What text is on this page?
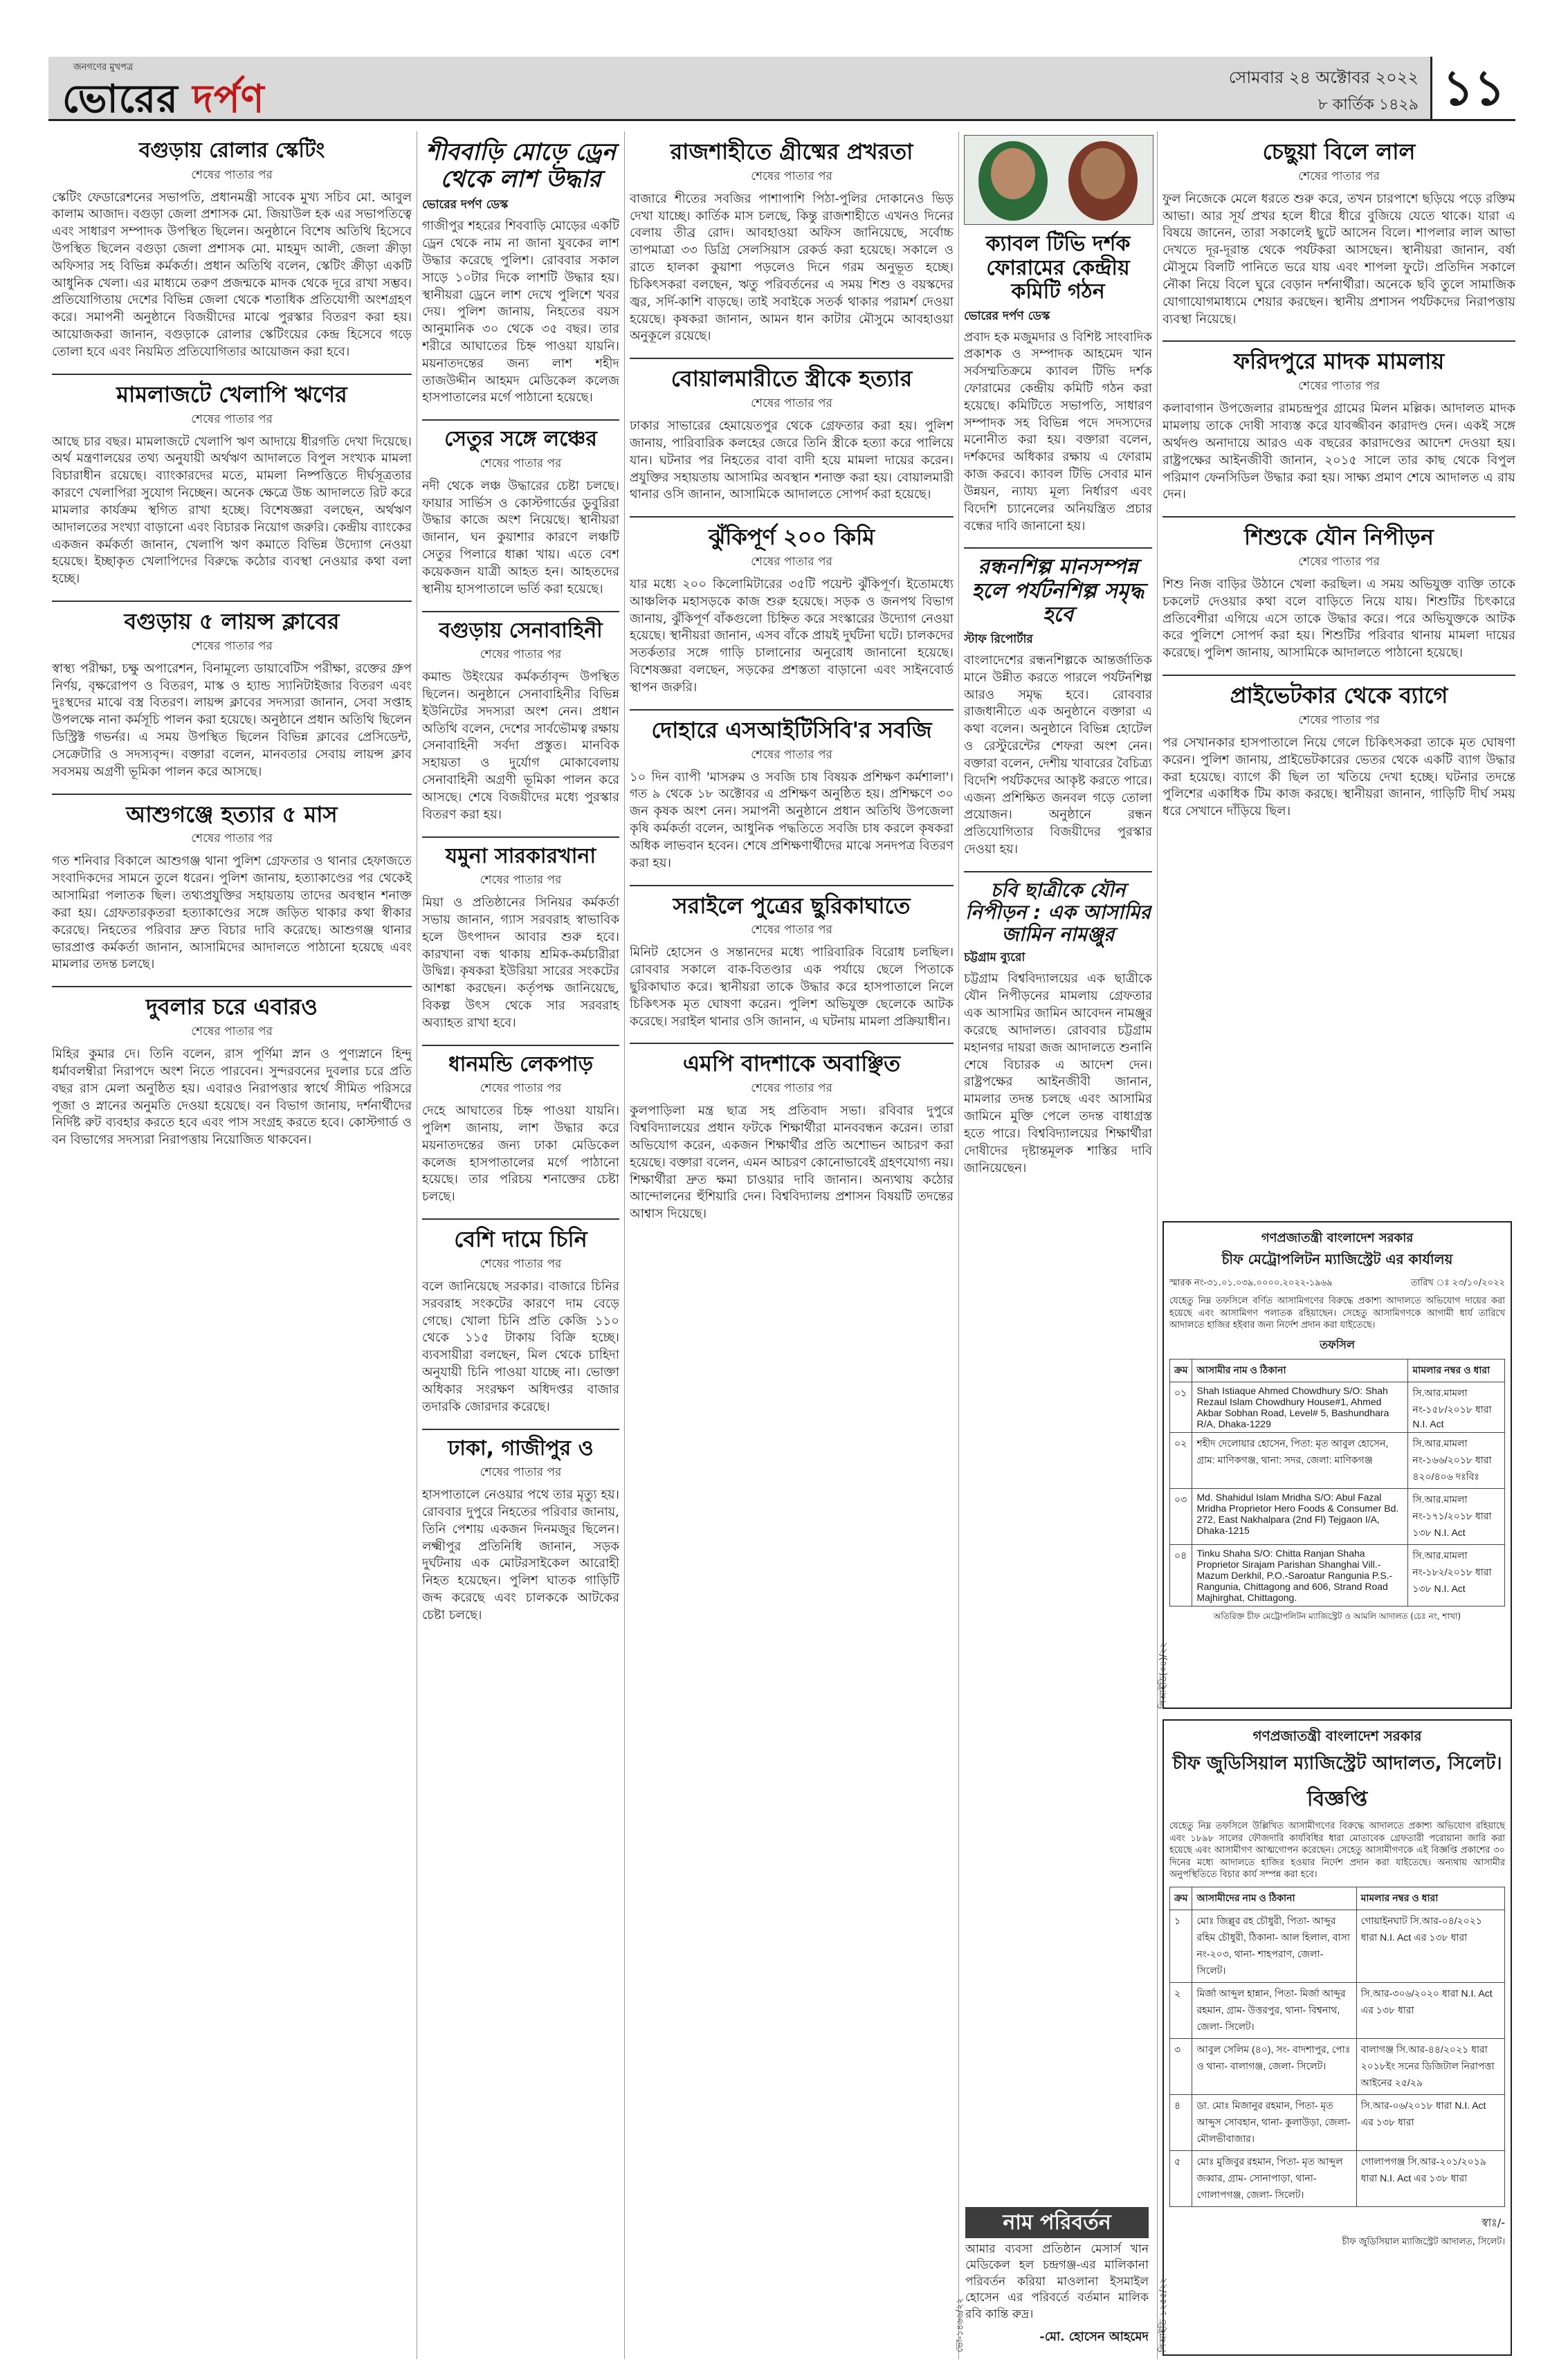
জনগণের মুখপত্র
ভোরের দর্পণ	সোমবার ২৪ অক্টোবর ২০২২
৮ কার্তিক ১৪২৯ ১১
বগুড়ায় রোলার স্কেটিং
শেষের পাতার পর
স্কেটিং ফেডারেশনের সভাপতি, প্রধানমন্ত্রী সাবেক মুখ্য সচিব মো. আবুল কালাম আজাদ। বগুড়া জেলা প্রশাসক মো. জিয়াউল হক এর সভাপতিত্বে এবং সাধারণ সম্পাদক উপস্থিত ছিলেন। অনুষ্ঠানে বিশেষ অতিথি হিসেবে উপস্থিত ছিলেন বগুড়া জেলা প্রশাসক মো. মাহমুদ আলী, জেলা ক্রীড়া অফিসার সহ বিভিন্ন কর্মকর্তা। প্রধান অতিথি বলেন, স্কেটিং ক্রীড়া একটি আধুনিক খেলা। এর মাধ্যমে তরুণ প্রজন্মকে মাদক থেকে দূরে রাখা সম্ভব। প্রতিযোগিতায় দেশের বিভিন্ন জেলা থেকে শতাধিক প্রতিযোগী অংশগ্রহণ করে। সমাপনী অনুষ্ঠানে বিজয়ীদের মাঝে পুরস্কার বিতরণ করা হয়। আয়োজকরা জানান, বগুড়াকে রোলার স্কেটিংয়ের কেন্দ্র হিসেবে গড়ে তোলা হবে এবং নিয়মিত প্রতিযোগিতার আয়োজন করা হবে।
মামলাজটে খেলাপি ঋণের
শেষের পাতার পর
আছে চার বছর। মামলাজটে খেলাপি ঋণ আদায়ে ধীরগতি দেখা দিয়েছে। অর্থ মন্ত্রণালয়ের তথ্য অনুযায়ী অর্থঋণ আদালতে বিপুল সংখ্যক মামলা বিচারাধীন রয়েছে। ব্যাংকারদের মতে, মামলা নিষ্পত্তিতে দীর্ঘসূত্রতার কারণে খেলাপিরা সুযোগ নিচ্ছেন। অনেক ক্ষেত্রে উচ্চ আদালতে রিট করে মামলার কার্যক্রম স্থগিত রাখা হচ্ছে। বিশেষজ্ঞরা বলছেন, অর্থঋণ আদালতের সংখ্যা বাড়ানো এবং বিচারক নিয়োগ জরুরি। কেন্দ্রীয় ব্যাংকের একজন কর্মকর্তা জানান, খেলাপি ঋণ কমাতে বিভিন্ন উদ্যোগ নেওয়া হয়েছে। ইচ্ছাকৃত খেলাপিদের বিরুদ্ধে কঠোর ব্যবস্থা নেওয়ার কথা বলা হচ্ছে।
বগুড়ায় ৫ লায়ন্স ক্লাবের
শেষের পাতার পর
স্বাস্থ্য পরীক্ষা, চক্ষু অপারেশন, বিনামূল্যে ডায়াবেটিস পরীক্ষা, রক্তের গ্রুপ নির্ণয়, বৃক্ষরোপণ ও বিতরণ, মাস্ক ও হ্যান্ড স্যানিটাইজার বিতরণ এবং দুঃস্থদের মাঝে বস্ত্র বিতরণ। লায়ন্স ক্লাবের সদস্যরা জানান, সেবা সপ্তাহ উপলক্ষে নানা কর্মসূচি পালন করা হয়েছে। অনুষ্ঠানে প্রধান অতিথি ছিলেন ডিস্ট্রিক্ট গভর্নর। এ সময় উপস্থিত ছিলেন বিভিন্ন ক্লাবের প্রেসিডেন্ট, সেক্রেটারি ও সদস্যবৃন্দ। বক্তারা বলেন, মানবতার সেবায় লায়ন্স ক্লাব সবসময় অগ্রণী ভূমিকা পালন করে আসছে।
আশুগঞ্জে হত্যার ৫ মাস
শেষের পাতার পর
গত শনিবার বিকালে আশুগঞ্জ থানা পুলিশ গ্রেফতার ও থানার হেফাজতে সংবাদিকদের সামনে তুলে ধরেন। পুলিশ জানায়, হত্যাকাণ্ডের পর থেকেই আসামিরা পলাতক ছিল। তথ্যপ্রযুক্তির সহায়তায় তাদের অবস্থান শনাক্ত করা হয়। গ্রেফতারকৃতরা হত্যাকাণ্ডের সঙ্গে জড়িত থাকার কথা স্বীকার করেছে। নিহতের পরিবার দ্রুত বিচার দাবি করেছে। আশুগঞ্জ থানার ভারপ্রাপ্ত কর্মকর্তা জানান, আসামিদের আদালতে পাঠানো হয়েছে এবং মামলার তদন্ত চলছে।
দুবলার চরে এবারও
শেষের পাতার পর
মিহির কুমার দে। তিনি বলেন, রাস পূর্ণিমা স্নান ও পুণ্যস্নানে হিন্দু ধর্মাবলম্বীরা নিরাপদে অংশ নিতে পারবেন। সুন্দরবনের দুবলার চরে প্রতি বছর রাস মেলা অনুষ্ঠিত হয়। এবারও নিরাপত্তার স্বার্থে সীমিত পরিসরে পূজা ও স্নানের অনুমতি দেওয়া হয়েছে। বন বিভাগ জানায়, দর্শনার্থীদের নির্দিষ্ট রুট ব্যবহার করতে হবে এবং পাস সংগ্রহ করতে হবে। কোস্টগার্ড ও বন বিভাগের সদস্যরা নিরাপত্তায় নিয়োজিত থাকবেন।
শীববাড়ি মোড়ে ড্রেন থেকে লাশ উদ্ধার
ভোরের দর্পণ ডেস্ক
গাজীপুর শহরের শিববাড়ি মোড়ের একটি ড্রেন থেকে নাম না জানা যুবকের লাশ উদ্ধার করেছে পুলিশ। রোববার সকাল সাড়ে ১০টার দিকে লাশটি উদ্ধার হয়। স্থানীয়রা ড্রেনে লাশ দেখে পুলিশে খবর দেয়। পুলিশ জানায়, নিহতের বয়স আনুমানিক ৩০ থেকে ৩৫ বছর। তার শরীরে আঘাতের চিহ্ন পাওয়া যায়নি। ময়নাতদন্তের জন্য লাশ শহীদ তাজউদ্দীন আহমদ মেডিকেল কলেজ হাসপাতালের মর্গে পাঠানো হয়েছে।
সেতুর সঙ্গে লঞ্চের
শেষের পাতার পর
নদী থেকে লঞ্চ উদ্ধারের চেষ্টা চলছে। ফায়ার সার্ভিস ও কোস্টগার্ডের ডুবুরিরা উদ্ধার কাজে অংশ নিয়েছে। স্থানীয়রা জানান, ঘন কুয়াশার কারণে লঞ্চটি সেতুর পিলারে ধাক্কা খায়। এতে বেশ কয়েকজন যাত্রী আহত হন। আহতদের স্থানীয় হাসপাতালে ভর্তি করা হয়েছে।
বগুড়ায় সেনাবাহিনী
শেষের পাতার পর
কমান্ড উইংয়ের কর্মকর্তাবৃন্দ উপস্থিত ছিলেন। অনুষ্ঠানে সেনাবাহিনীর বিভিন্ন ইউনিটের সদস্যরা অংশ নেন। প্রধান অতিথি বলেন, দেশের সার্বভৌমত্ব রক্ষায় সেনাবাহিনী সর্বদা প্রস্তুত। মানবিক সহায়তা ও দুর্যোগ মোকাবেলায় সেনাবাহিনী অগ্রণী ভূমিকা পালন করে আসছে। শেষে বিজয়ীদের মধ্যে পুরস্কার বিতরণ করা হয়।
যমুনা সারকারখানা
শেষের পাতার পর
মিয়া ও প্রতিষ্ঠানের সিনিয়র কর্মকর্তা সভায় জানান, গ্যাস সরবরাহ স্বাভাবিক হলে উৎপাদন আবার শুরু হবে। কারখানা বন্ধ থাকায় শ্রমিক-কর্মচারীরা উদ্বিগ্ন। কৃষকরা ইউরিয়া সারের সংকটের আশঙ্কা করছেন। কর্তৃপক্ষ জানিয়েছে, বিকল্প উৎস থেকে সার সরবরাহ অব্যাহত রাখা হবে।
ধানমন্ডি লেকপাড়
শেষের পাতার পর
দেহে আঘাতের চিহ্ন পাওয়া যায়নি। পুলিশ জানায়, লাশ উদ্ধার করে ময়নাতদন্তের জন্য ঢাকা মেডিকেল কলেজ হাসপাতালের মর্গে পাঠানো হয়েছে। তার পরিচয় শনাক্তের চেষ্টা চলছে।
বেশি দামে চিনি
শেষের পাতার পর
বলে জানিয়েছে সরকার। বাজারে চিনির সরবরাহ সংকটের কারণে দাম বেড়ে গেছে। খোলা চিনি প্রতি কেজি ১১০ থেকে ১১৫ টাকায় বিক্রি হচ্ছে। ব্যবসায়ীরা বলছেন, মিল থেকে চাহিদা অনুযায়ী চিনি পাওয়া যাচ্ছে না। ভোক্তা অধিকার সংরক্ষণ অধিদপ্তর বাজার তদারকি জোরদার করেছে।
ঢাকা, গাজীপুর ও
শেষের পাতার পর
হাসপাতালে নেওয়ার পথে তার মৃত্যু হয়। রোববার দুপুরে নিহতের পরিবার জানায়, তিনি পেশায় একজন দিনমজুর ছিলেন। লক্ষ্মীপুর প্রতিনিধি জানান, সড়ক দুর্ঘটনায় এক মোটরসাইকেল আরোহী নিহত হয়েছেন। পুলিশ ঘাতক গাড়িটি জব্দ করেছে এবং চালককে আটকের চেষ্টা চলছে।
রাজশাহীতে গ্রীষ্মের প্রখরতা
শেষের পাতার পর
বাজারে শীতের সবজির পাশাপাশি পিঠা-পুলির দোকানেও ভিড় দেখা যাচ্ছে। কার্তিক মাস চলছে, কিন্তু রাজশাহীতে এখনও দিনের বেলায় তীব্র রোদ। আবহাওয়া অফিস জানিয়েছে, সর্বোচ্চ তাপমাত্রা ৩৩ ডিগ্রি সেলসিয়াস রেকর্ড করা হয়েছে। সকালে ও রাতে হালকা কুয়াশা পড়লেও দিনে গরম অনুভূত হচ্ছে। চিকিৎসকরা বলছেন, ঋতু পরিবর্তনের এ সময় শিশু ও বয়স্কদের জ্বর, সর্দি-কাশি বাড়ছে। তাই সবাইকে সতর্ক থাকার পরামর্শ দেওয়া হয়েছে। কৃষকরা জানান, আমন ধান কাটার মৌসুমে আবহাওয়া অনুকূলে রয়েছে।
বোয়ালমারীতে স্ত্রীকে হত্যার
শেষের পাতার পর
ঢাকার সাভারের হেমায়েতপুর থেকে গ্রেফতার করা হয়। পুলিশ জানায়, পারিবারিক কলহের জেরে তিনি স্ত্রীকে হত্যা করে পালিয়ে যান। ঘটনার পর নিহতের বাবা বাদী হয়ে মামলা দায়ের করেন। প্রযুক্তির সহায়তায় আসামির অবস্থান শনাক্ত করা হয়। বোয়ালমারী থানার ওসি জানান, আসামিকে আদালতে সোপর্দ করা হয়েছে।
ঝুঁকিপূর্ণ ২০০ কিমি
শেষের পাতার পর
যার মধ্যে ২০০ কিলোমিটারের ৩৫টি পয়েন্ট ঝুঁকিপূর্ণ। ইতোমধ্যে আঞ্চলিক মহাসড়কে কাজ শুরু হয়েছে। সড়ক ও জনপথ বিভাগ জানায়, ঝুঁকিপূর্ণ বাঁকগুলো চিহ্নিত করে সংস্কারের উদ্যোগ নেওয়া হয়েছে। স্থানীয়রা জানান, এসব বাঁকে প্রায়ই দুর্ঘটনা ঘটে। চালকদের সতর্কতার সঙ্গে গাড়ি চালানোর অনুরোধ জানানো হয়েছে। বিশেষজ্ঞরা বলছেন, সড়কের প্রশস্ততা বাড়ানো এবং সাইনবোর্ড স্থাপন জরুরি।
দোহারে এসআইটিসিবি'র সবজি
শেষের পাতার পর
১০ দিন ব্যাপী 'মাসরুম ও সবজি চাষ বিষয়ক প্রশিক্ষণ কর্মশালা'। গত ৯ থেকে ১৮ অক্টোবর এ প্রশিক্ষণ অনুষ্ঠিত হয়। প্রশিক্ষণে ৩০ জন কৃষক অংশ নেন। সমাপনী অনুষ্ঠানে প্রধান অতিথি উপজেলা কৃষি কর্মকর্তা বলেন, আধুনিক পদ্ধতিতে সবজি চাষ করলে কৃষকরা অধিক লাভবান হবেন। শেষে প্রশিক্ষণার্থীদের মাঝে সনদপত্র বিতরণ করা হয়।
সরাইলে পুত্রের ছুরিকাঘাতে
শেষের পাতার পর
মিনিট হোসেন ও সন্তানদের মধ্যে পারিবারিক বিরোধ চলছিল। রোববার সকালে বাক-বিতণ্ডার এক পর্যায়ে ছেলে পিতাকে ছুরিকাঘাত করে। স্থানীয়রা তাকে উদ্ধার করে হাসপাতালে নিলে চিকিৎসক মৃত ঘোষণা করেন। পুলিশ অভিযুক্ত ছেলেকে আটক করেছে। সরাইল থানার ওসি জানান, এ ঘটনায় মামলা প্রক্রিয়াধীন।
এমপি বাদশাকে অবাঞ্ছিত
শেষের পাতার পর
কুলপাড়িলা মন্ত্র ছাত্র সহ প্রতিবাদ সভা। রবিবার দুপুরে বিশ্ববিদ্যালয়ের প্রধান ফটকে শিক্ষার্থীরা মানববন্ধন করেন। তারা অভিযোগ করেন, একজন শিক্ষার্থীর প্রতি অশোভন আচরণ করা হয়েছে। বক্তারা বলেন, এমন আচরণ কোনোভাবেই গ্রহণযোগ্য নয়। শিক্ষার্থীরা দ্রুত ক্ষমা চাওয়ার দাবি জানান। অন্যথায় কঠোর আন্দোলনের হুঁশিয়ারি দেন। বিশ্ববিদ্যালয় প্রশাসন বিষয়টি তদন্তের আশ্বাস দিয়েছে।
ক্যাবল টিভি দর্শক ফোরামের কেন্দ্রীয় কমিটি গঠন
ভোরের দর্পণ ডেস্ক
প্রবাদ হক মজুমদার ও বিশিষ্ট সাংবাদিক প্রকাশক ও সম্পাদক আহমেদ খান সর্বসম্মতিক্রমে ক্যাবল টিভি দর্শক ফোরামের কেন্দ্রীয় কমিটি গঠন করা হয়েছে। কমিটিতে সভাপতি, সাধারণ সম্পাদক সহ বিভিন্ন পদে সদস্যদের মনোনীত করা হয়। বক্তারা বলেন, দর্শকদের অধিকার রক্ষায় এ ফোরাম কাজ করবে। ক্যাবল টিভি সেবার মান উন্নয়ন, ন্যায্য মূল্য নির্ধারণ এবং বিদেশি চ্যানেলের অনিয়ন্ত্রিত প্রচার বন্ধের দাবি জানানো হয়।
রন্ধনশিল্প মানসম্পন্ন হলে পর্যটনশিল্প সমৃদ্ধ হবে
স্টাফ রিপোর্টার
বাংলাদেশের রন্ধনশিল্পকে আন্তর্জাতিক মানে উন্নীত করতে পারলে পর্যটনশিল্প আরও সমৃদ্ধ হবে। রোববার রাজধানীতে এক অনুষ্ঠানে বক্তারা এ কথা বলেন। অনুষ্ঠানে বিভিন্ন হোটেল ও রেস্টুরেন্টের শেফরা অংশ নেন। বক্তারা বলেন, দেশীয় খাবারের বৈচিত্র্য বিদেশি পর্যটকদের আকৃষ্ট করতে পারে। এজন্য প্রশিক্ষিত জনবল গড়ে তোলা প্রয়োজন। অনুষ্ঠানে রন্ধন প্রতিযোগিতার বিজয়ীদের পুরস্কার দেওয়া হয়।
চবি ছাত্রীকে যৌন নিপীড়ন : এক আসামির জামিন নামঞ্জুর
চট্টগ্রাম ব্যুরো
চট্টগ্রাম বিশ্ববিদ্যালয়ের এক ছাত্রীকে যৌন নিপীড়নের মামলায় গ্রেফতার এক আসামির জামিন আবেদন নামঞ্জুর করেছে আদালত। রোববার চট্টগ্রাম মহানগর দায়রা জজ আদালতে শুনানি শেষে বিচারক এ আদেশ দেন। রাষ্ট্রপক্ষের আইনজীবী জানান, মামলার তদন্ত চলছে এবং আসামির জামিনে মুক্তি পেলে তদন্ত বাধাগ্রস্ত হতে পারে। বিশ্ববিদ্যালয়ের শিক্ষার্থীরা দোষীদের দৃষ্টান্তমূলক শাস্তির দাবি জানিয়েছেন।
নাম পরিবর্তন
আমার ব্যবসা প্রতিষ্ঠান মেসার্স খান মেডিকেল হল চন্দ্রগঞ্জ-এর মালিকানা পরিবর্তন করিয়া মাওলানা ইসমাইল হোসেন এর পরিবর্তে বর্তমান মালিক রবি কান্তি রুদ্র।
-মো. হোসেন আহমেদ
চেছুয়া বিলে লাল
শেষের পাতার পর
ফুল নিজেকে মেলে ধরতে শুরু করে, তখন চারপাশে ছড়িয়ে পড়ে রক্তিম আভা। আর সূর্য প্রখর হলে ধীরে ধীরে বুজিয়ে যেতে থাকে। যারা এ বিষয়ে জানেন, তারা সকালেই ছুটে আসেন বিলে। শাপলার লাল আভা দেখতে দূর-দূরান্ত থেকে পর্যটকরা আসছেন। স্থানীয়রা জানান, বর্ষা মৌসুমে বিলটি পানিতে ভরে যায় এবং শাপলা ফুটে। প্রতিদিন সকালে নৌকা নিয়ে বিলে ঘুরে বেড়ান দর্শনার্থীরা। অনেকে ছবি তুলে সামাজিক যোগাযোগমাধ্যমে শেয়ার করছেন। স্থানীয় প্রশাসন পর্যটকদের নিরাপত্তায় ব্যবস্থা নিয়েছে।
ফরিদপুরে মাদক মামলায়
শেষের পাতার পর
কলাবাগান উপজেলার রামচন্দ্রপুর গ্রামের মিলন মল্লিক। আদালত মাদক মামলায় তাকে দোষী সাব্যস্ত করে যাবজ্জীবন কারাদণ্ড দেন। একই সঙ্গে অর্থদণ্ড অনাদায়ে আরও এক বছরের কারাদণ্ডের আদেশ দেওয়া হয়। রাষ্ট্রপক্ষের আইনজীবী জানান, ২০১৫ সালে তার কাছ থেকে বিপুল পরিমাণ ফেনসিডিল উদ্ধার করা হয়। সাক্ষ্য প্রমাণ শেষে আদালত এ রায় দেন।
শিশুকে যৌন নিপীড়ন
শেষের পাতার পর
শিশু নিজ বাড়ির উঠানে খেলা করছিল। এ সময় অভিযুক্ত ব্যক্তি তাকে চকলেট দেওয়ার কথা বলে বাড়িতে নিয়ে যায়। শিশুটির চিৎকারে প্রতিবেশীরা এগিয়ে এসে তাকে উদ্ধার করে। পরে অভিযুক্তকে আটক করে পুলিশে সোপর্দ করা হয়। শিশুটির পরিবার থানায় মামলা দায়ের করেছে। পুলিশ জানায়, আসামিকে আদালতে পাঠানো হয়েছে।
প্রাইভেটকার থেকে ব্যাগে
শেষের পাতার পর
পর সেখানকার হাসপাতালে নিয়ে গেলে চিকিৎসকরা তাকে মৃত ঘোষণা করেন। পুলিশ জানায়, প্রাইভেটকারের ভেতর থেকে একটি ব্যাগ উদ্ধার করা হয়েছে। ব্যাগে কী ছিল তা খতিয়ে দেখা হচ্ছে। ঘটনার তদন্তে পুলিশের একাধিক টিম কাজ করছে। স্থানীয়রা জানান, গাড়িটি দীর্ঘ সময় ধরে সেখানে দাঁড়িয়ে ছিল।
গণপ্রজাতন্ত্রী বাংলাদেশ সরকার
চীফ মেট্রোপলিটন ম্যাজিস্ট্রেট এর কার্যালয়
স্মারক নং-৩১.০১.০৩৯.০০০০.২০২২-১৯৬৯	তারিখ ঃ ২৩/১০/২০২২
যেহেতু নিম্ন তফসিলে বর্ণিত আসামিগণের বিরুদ্ধে প্রকাশ্য আদালতে অভিযোগ দায়ের করা হয়েছে এবং আসামিগণ পলাতক রহিয়াছেন। সেহেতু আসামিগণকে আগামী ধার্য তারিখে আদালতে হাজির হইবার জন্য নির্দেশ প্রদান করা যাইতেছে।
তফসিল
ক্রম	আসামীর নাম ও ঠিকানা	মামলার নম্বর ও ধারা
০১	Shah Istiaque Ahmed Chowdhury S/O: Shah Rezaul Islam Chowdhury House#1, Ahmed Akbar Sobhan Road, Level# 5, Bashundhara R/A, Dhaka-1229	সি.আর.মামলা নং-১৫৮/২০১৮ ধারা N.I. Act
০২	শহীদ দেলোয়ার হোসেন, পিতা: মৃত আবুল হোসেন, গ্রাম: মাণিকগঞ্জ, থানা: সদর, জেলা: মাণিকগঞ্জ	সি.আর.মামলা নং-১৬৬/২০১৮ ধারা ৪২০/৪০৬ দঃবিঃ
০৩	Md. Shahidul Islam Mridha S/O: Abul Fazal Mridha Proprietor Hero Foods & Consumer Bd. 272, East Nakhalpara (2nd Fl) Tejgaon I/A, Dhaka-1215	সি.আর.মামলা নং-১৭১/২০১৮ ধারা ১৩৮ N.I. Act
০৪	Tinku Shaha S/O: Chitta Ranjan Shaha Proprietor Sirajam Parishan Shanghai Vill.-Mazum Derkhil, P.O.-Saroatur Rangunia P.S.-Rangunia, Chittagong and 606, Strand Road Majhirghat, Chittagong.	সি.আর.মামলা নং-১৮২/২০১৮ ধারা ১৩৮ N.I. Act
অতিরিক্ত চীফ মেট্রোপলিটন ম্যাজিস্ট্রেট ও আমলি আদালত (চেঃ নং, শাখা)
গণপ্রজাতন্ত্রী বাংলাদেশ সরকার
চীফ জুডিসিয়াল ম্যাজিস্ট্রেট আদালত, সিলেট।
বিজ্ঞপ্তি
যেহেতু নিম্ন তফসিলে উল্লিখিত আসামীগণের বিরুদ্ধে আদালতে প্রকাশ্য অভিযোগ রহিয়াছে এবং ১৮৯৮ সালের ফৌজদারি কার্যবিধির ধারা মোতাবেক গ্রেফতারী পরোয়ানা জারি করা হয়েছে এবং আসামীগণ আত্মগোপন করেছেন। সেহেতু আসামীগণকে এই বিজ্ঞপ্তি প্রকাশের ৩০ দিনের মধ্যে আদালতে হাজির হওয়ার নির্দেশ প্রদান করা যাইতেছে। অন্যথায় আসামীর অনুপস্থিতিতে বিচার কার্য সম্পন্ন করা হবে।
ক্রম	আসামীদের নাম ও ঠিকানা	মামলার নম্বর ও ধারা
১	মোঃ জিল্লুর রহ চৌধুরী, পিতা- আব্দুর রহিম চৌধুরী, ঠিকানা- আল হিলাল, বাসা নং-২০৩, থানা- শাহপরাণ, জেলা- সিলেট।	গোয়াইনঘাট সি.আর-০৪/২০২১ ধারা N.I. Act এর ১৩৮ ধারা
২	মির্জা আব্দুল হান্নান, পিতা- মির্জা আব্দুর রহমান, গ্রাম- উত্তরপুর, থানা- বিশ্বনাথ, জেলা- সিলেট।	সি.আর-৩০৬/২০২০ ধারা N.I. Act এর ১৩৮ ধারা
৩	আবুল সেলিম (৪০), সং- বাদশাপুর, পোঃ ও থানা- বালাগঞ্জ, জেলা- সিলেট।	বালাগঞ্জ সি.আর-৪৪/২০২১ ধারা ২০১৮ইং সনের ডিজিটাল নিরাপত্তা আইনের ২৫/২৯
৪	ডা. মোঃ মিজানুর রহমান, পিতা- মৃত আব্দুস সোবহান, থানা- কুলাউড়া, জেলা- মৌলভীবাজার।	সি.আর-০৬/২০১৮ ধারা N.I. Act এর ১৩৮ ধারা
৫	মোঃ মুজিবুর রহমান, পিতা- মৃত আব্দুল জব্বার, গ্রাম- সোনাপাড়া, থানা- গোলাপগঞ্জ, জেলা- সিলেট।	গোলাপগঞ্জ সি.আর-২০১/২০১৯ ধারা N.I. Act এর ১৩৮ ধারা
স্বাঃ/-
চীফ জুডিসিয়াল ম্যাজিস্ট্রেট আদালত, সিলেট।
পিআইডি(৩৪)/২২
পিআইডি-১২৫৫/২২
ভো-১৪৬৬/২২
